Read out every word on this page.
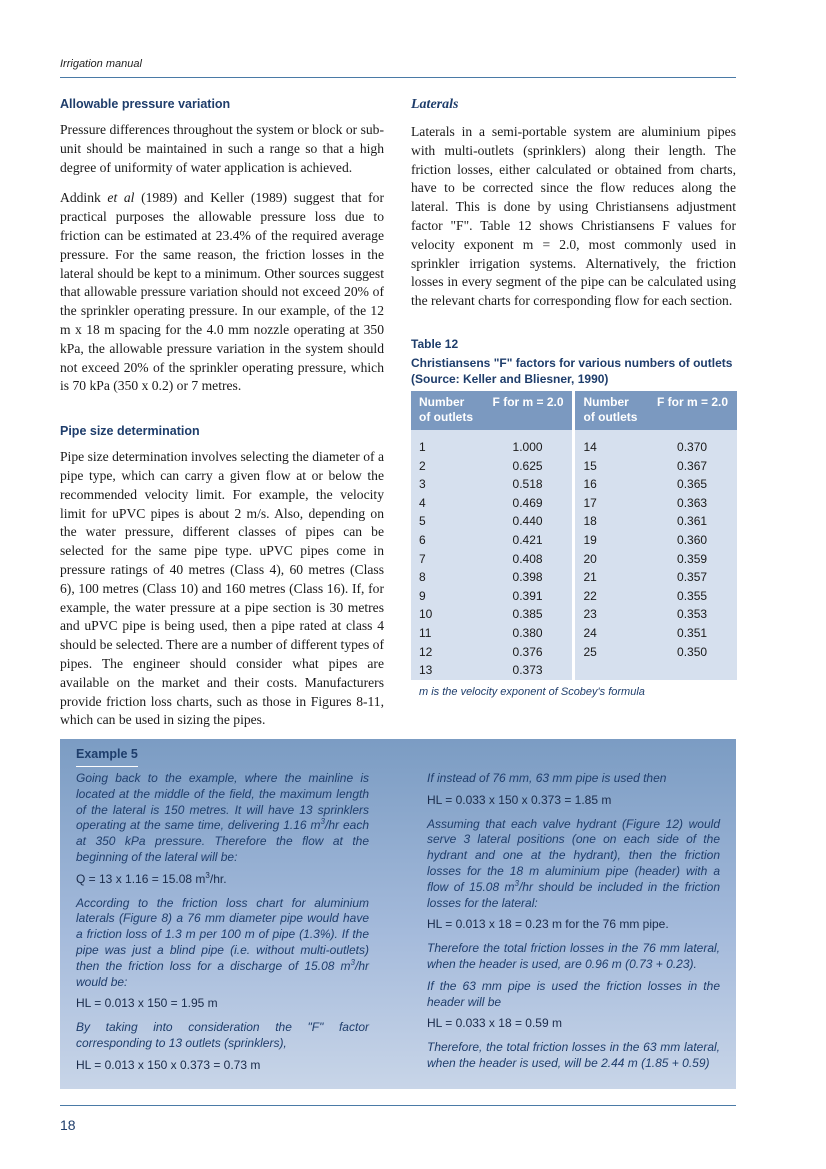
Irrigation manual
Allowable pressure variation

Pressure differences throughout the system or block or sub-unit should be maintained in such a range so that a high degree of uniformity of water application is achieved.

Addink et al (1989) and Keller (1989) suggest that for practical purposes the allowable pressure loss due to friction can be estimated at 23.4% of the required average pressure. For the same reason, the friction losses in the lateral should be kept to a minimum. Other sources suggest that allowable pressure variation should not exceed 20% of the sprinkler operating pressure. In our example, of the 12 m x 18 m spacing for the 4.0 mm nozzle operating at 350 kPa, the allowable pressure variation in the system should not exceed 20% of the sprinkler operating pressure, which is 70 kPa (350 x 0.2) or 7 metres.

Pipe size determination

Pipe size determination involves selecting the diameter of a pipe type, which can carry a given flow at or below the recommended velocity limit. For example, the velocity limit for uPVC pipes is about 2 m/s. Also, depending on the water pressure, different classes of pipes can be selected for the same pipe type. uPVC pipes come in pressure ratings of 40 metres (Class 4), 60 metres (Class 6), 100 metres (Class 10) and 160 metres (Class 16). If, for example, the water pressure at a pipe section is 30 metres and uPVC pipe is being used, then a pipe rated at class 4 should be selected. There are a number of different types of pipes. The engineer should consider what pipes are available on the market and their costs. Manufacturers provide friction loss charts, such as those in Figures 8-11, which can be used in sizing the pipes.

Laterals

Laterals in a semi-portable system are aluminium pipes with multi-outlets (sprinklers) along their length. The friction losses, either calculated or obtained from charts, have to be corrected since the flow reduces along the lateral. This is done by using Christiansens adjustment factor "F". Table 12 shows Christiansens F values for velocity exponent m = 2.0, most commonly used in sprinkler irrigation systems. Alternatively, the friction losses in every segment of the pipe can be calculated using the relevant charts for corresponding flow for each section.

Table 12
Christiansens "F" factors for various numbers of outlets (Source: Keller and Bliesner, 1990)
Number of outlets	F for m = 2.0	Number of outlets	F for m = 2.0
1	1.000	14	0.370
2	0.625	15	0.367
3	0.518	16	0.365
4	0.469	17	0.363
5	0.440	18	0.361
6	0.421	19	0.360
7	0.408	20	0.359
8	0.398	21	0.357
9	0.391	22	0.355
10	0.385	23	0.353
11	0.380	24	0.351
12	0.376	25	0.350
13	0.373		
m is the velocity exponent of Scobey's formula
Example 5

Going back to the example, where the mainline is located at the middle of the field, the maximum length of the lateral is 150 metres. It will have 13 sprinklers operating at the same time, delivering 1.16 $m^3/hr$ each at 350 kPa pressure. Therefore the flow at the beginning of the lateral will be:

Q = 13 x 1.16 = 15.08 $m^3/hr$.

According to the friction loss chart for aluminium laterals (Figure 8) a 76 mm diameter pipe would have a friction loss of 1.3 m per 100 m of pipe (1.3%). If the pipe was just a blind pipe (i.e. without multi-outlets) then the friction loss for a discharge of 15.08 $m^3/hr$ would be:

HL = 0.013 x 150 = 1.95 m

By taking into consideration the "F" factor corresponding to 13 outlets (sprinklers),

HL = 0.013 x 150 x 0.373 = 0.73 m

If instead of 76 mm, 63 mm pipe is used then

HL = 0.033 x 150 x 0.373 = 1.85 m

Assuming that each valve hydrant (Figure 12) would serve 3 lateral positions (one on each side of the hydrant and one at the hydrant), then the friction losses for the 18 m aluminium pipe (header) with a flow of 15.08 $m^3/hr$ should be included in the friction losses for the lateral:

HL = 0.013 x 18 = 0.23 m for the 76 mm pipe.

Therefore the total friction losses in the 76 mm lateral, when the header is used, are 0.96 m (0.73 + 0.23).

If the 63 mm pipe is used the friction losses in the header will be

HL = 0.033 x 18 = 0.59 m

Therefore, the total friction losses in the 63 mm lateral, when the header is used, will be 2.44 m (1.85 + 0.59)

18
